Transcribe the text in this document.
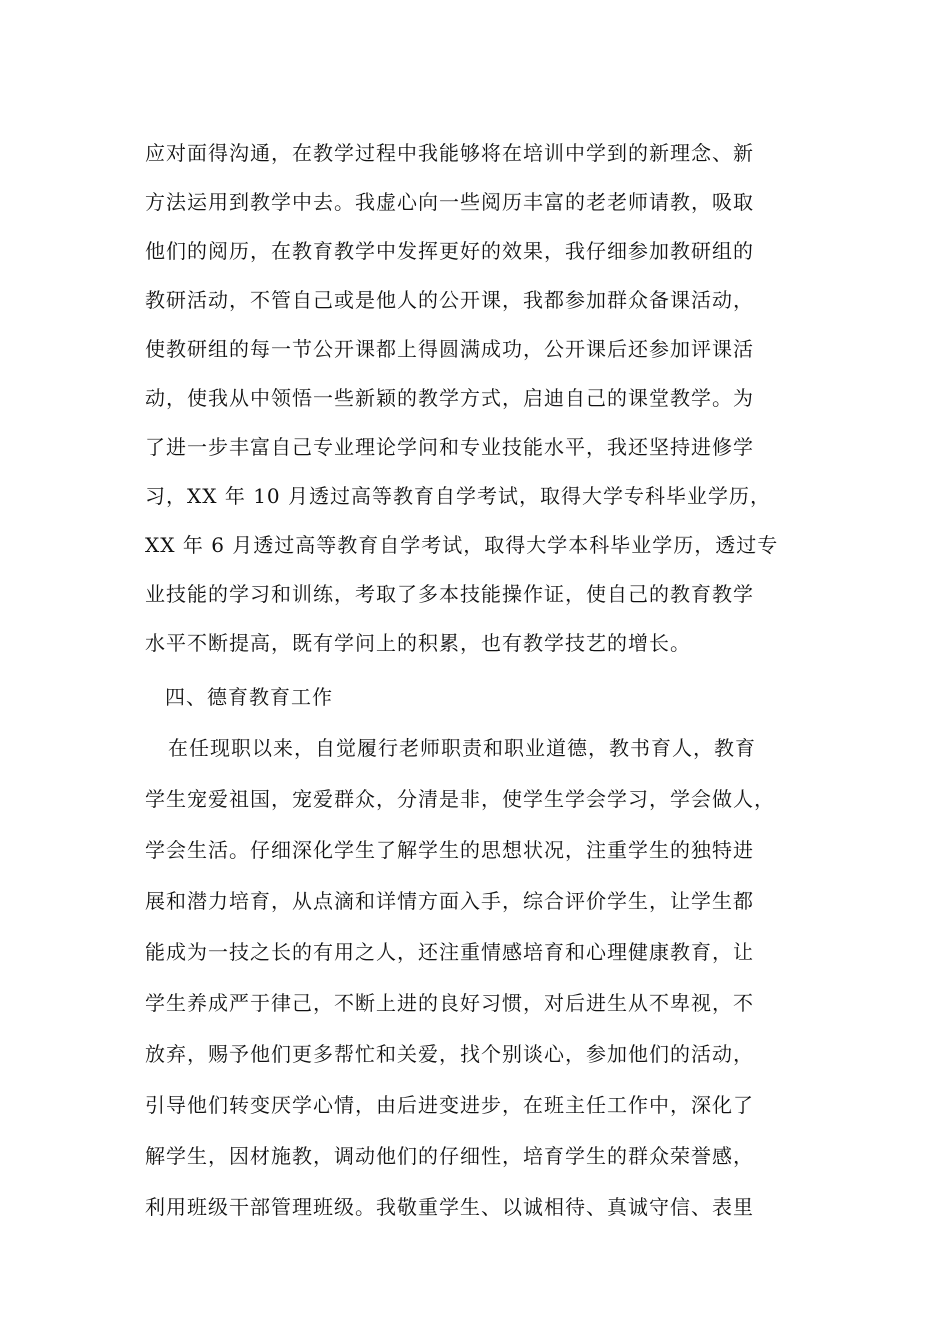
应对面得沟通，在教学过程中我能够将在培训中学到的新理念、新
方法运用到教学中去。我虚心向一些阅历丰富的老老师请教，吸取
他们的阅历，在教育教学中发挥更好的效果，我仔细参加教研组的
教研活动，不管自己或是他人的公开课，我都参加群众备课活动，
使教研组的每一节公开课都上得圆满成功，公开课后还参加评课活
动，使我从中领悟一些新颖的教学方式，启迪自己的课堂教学。为
了进一步丰富自己专业理论学问和专业技能水平，我还坚持进修学
习，XX 年 10 月透过高等教育自学考试，取得大学专科毕业学历，
XX 年 6 月透过高等教育自学考试，取得大学本科毕业学历，透过专
业技能的学习和训练，考取了多本技能操作证，使自己的教育教学
水平不断提高，既有学问上的积累，也有教学技艺的增长。
四、德育教育工作
在任现职以来，自觉履行老师职责和职业道德，教书育人，教育
学生宠爱祖国，宠爱群众，分清是非，使学生学会学习，学会做人，
学会生活。仔细深化学生了解学生的思想状况，注重学生的独特进
展和潜力培育，从点滴和详情方面入手，综合评价学生，让学生都
能成为一技之长的有用之人，还注重情感培育和心理健康教育，让
学生养成严于律己，不断上进的良好习惯，对后进生从不卑视，不
放弃，赐予他们更多帮忙和关爱，找个别谈心，参加他们的活动，
引导他们转变厌学心情，由后进变进步，在班主任工作中，深化了
解学生，因材施教，调动他们的仔细性，培育学生的群众荣誉感，
利用班级干部管理班级。我敬重学生、以诚相待、真诚守信、表里
